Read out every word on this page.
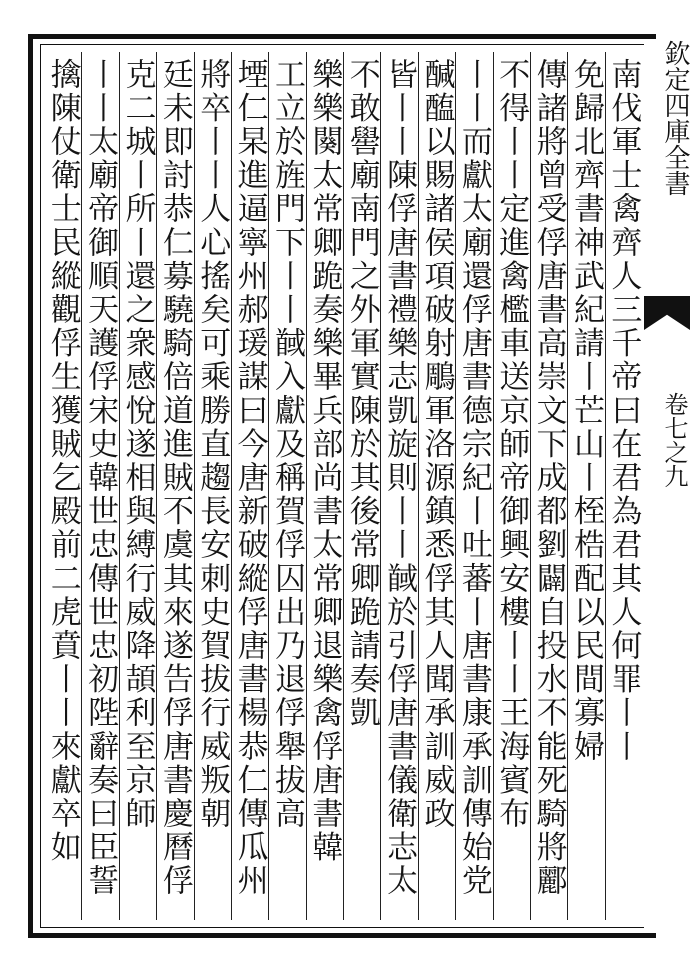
欽定四庫全書
卷七之九
南伐軍士禽齊人三千帝曰在君為君其人何罪丨丨
免歸北齊書神武紀請丨芒山丨桎梏配以民間寡婦
傳諸將曾受俘唐書高崇文下成都劉闢自投水不能死騎將酈
不得丨丨定進禽檻車送京師帝御興安樓丨丨王海賓布
丨丨而獻太廟還俘唐書德宗紀丨吐蕃丨唐書康承訓傳始党
醎醢以賜諸侯項破射鵰軍洛源鎮悉俘其人聞承訓威政
皆丨丨陳俘唐書禮樂志凱旋則丨丨馘於引俘唐書儀衛志太
不敢嚳廟南門之外軍實陳於其後常卿跪請奏凱
樂樂闋太常卿跪奏樂畢兵部尚書太常卿退樂禽俘唐書韓
工立於旌門下丨丨馘入獻及稱賀俘囚出乃退俘舉拔高
堙仁杲進逼寧州郝瑗謀曰今唐新破縱俘唐書楊恭仁傳瓜州
將卒丨丨人心搖矣可乘勝直趨長安刺史賀拔行威叛朝
廷未即討恭仁募驍騎倍道進賊不虞其來遂告俘唐書慶曆俘
克二城丨所丨還之衆感悅遂相與縛行威降頡利至京師
丨丨太廟帝御順天護俘宋史韓世忠傳世忠初陛辭奏曰臣誓
擒陳仗衛士民縱觀俘生獲賊乞殿前二虎賁丨丨來獻卒如
